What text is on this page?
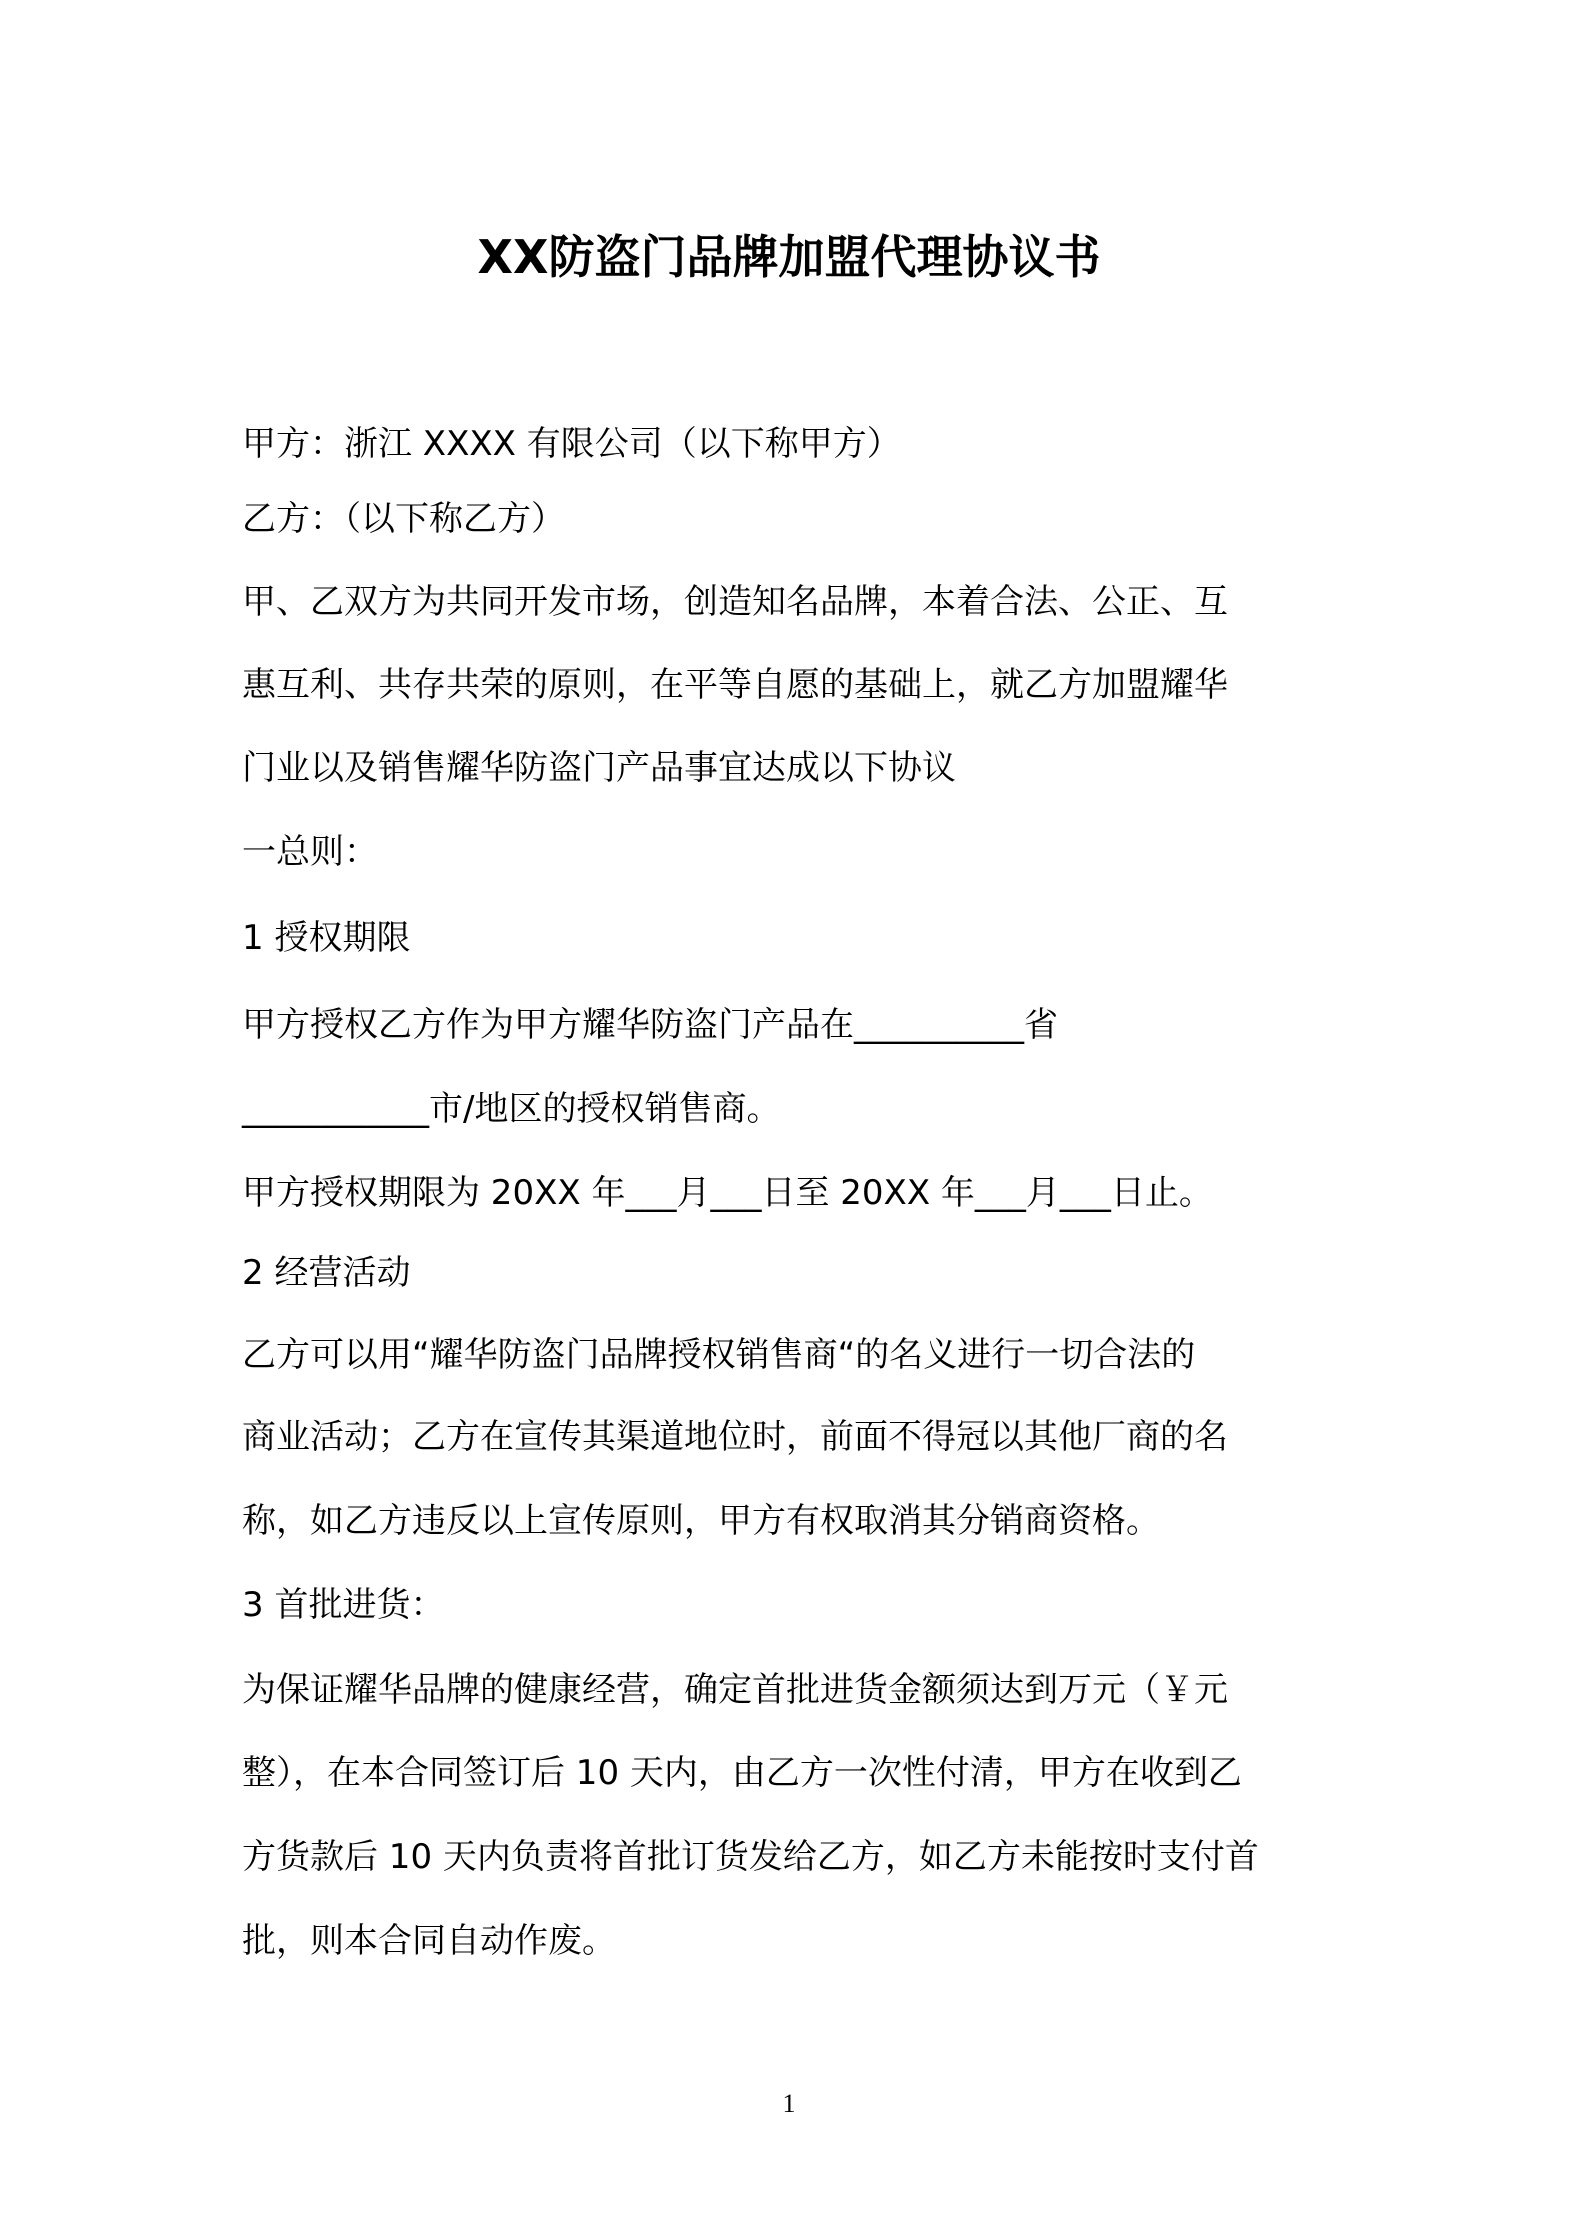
XX防盗门品牌加盟代理协议书
甲方：浙江 XXXX 有限公司（以下称甲方）
乙方：（以下称乙方）
甲、乙双方为共同开发市场，创造知名品牌，本着合法、公正、互
惠互利、共存共荣的原则，在平等自愿的基础上，就乙方加盟耀华
门业以及销售耀华防盗门产品事宜达成以下协议
一总则：
1 授权期限
甲方授权乙方作为甲方耀华防盗门产品在__________省
___________市/地区的授权销售商。
甲方授权期限为 20XX 年___月___日至 20XX 年___月___日止。
2 经营活动
乙方可以用“耀华防盗门品牌授权销售商“的名义进行一切合法的
商业活动；乙方在宣传其渠道地位时，前面不得冠以其他厂商的名
称，如乙方违反以上宣传原则，甲方有权取消其分销商资格。
3 首批进货：
为保证耀华品牌的健康经营，确定首批进货金额须达到万元（￥元
整），在本合同签订后 10 天内，由乙方一次性付清，甲方在收到乙
方货款后 10 天内负责将首批订货发给乙方，如乙方未能按时支付首
批，则本合同自动作废。
1
